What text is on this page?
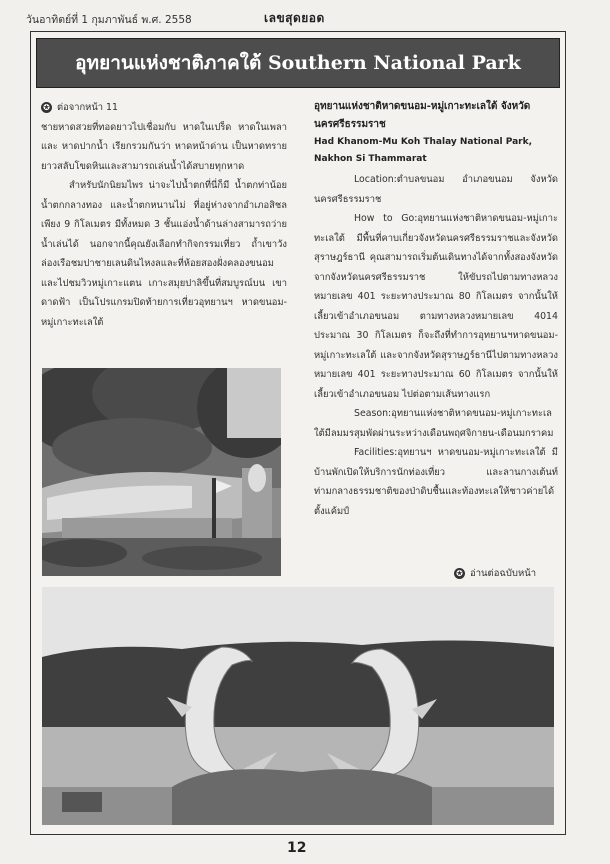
วันอาทิตย์ที่ 1 กุมภาพันธ์ พ.ศ. 2558	เลขสุดยอด
อุทยานแห่งชาติภาคใต้ Southern National Park
✪ ต่อจากหน้า 11

ชายหาดสวยที่ทอดยาวไปเชื่อมกับ หาดในเปร็ด หาดในเพลา และ หาดปากน้ำ เรียกรวมกันว่า หาดหน้าด่าน เป็นหาดทรายยาวสลับโขดหินและสามารถเล่นน้ำได้สบายทุกหาด

สำหรับนักนิยมไพร น่าจะไปน้ำตกที่นี่ก็มี น้ำตกท่าน้อย น้ำตกกลางทอง และน้ำตกหนานไม่ ที่อยู่ห่างจากอำเภอสิชลเพียง 9 กิโลเมตร มีทั้งหมด 3 ชั้นแอ่งน้ำด้านล่างสามารถว่ายน้ำเล่นได้ นอกจากนี้คุณยังเลือกทำกิจกรรมเที่ยว ถ้ำเขาวัง ล่องเรือชมปาชายเลนดินไหงลและที่ห้อยสองฝั่งคลองขนอม และไปชมวิวหมู่เกาะแตน เกาะสมุยปาลิขึ้นที่สมบูรณ์บน เขาดาดฟ้า เป็นโปรแกรมปิดท้ายการเที่ยวอุทยานฯ หาดขนอม-หมู่เกาะทะเลใต้

อุทยานแห่งชาติหาดขนอม-หมู่เกาะทะเลใต้ จังหวัดนครศรีธรรมราช
Had Khanom-Mu Koh Thalay National Park, Nakhon Si Thammarat

Location:ตำบลขนอม อำเภอขนอม จังหวัดนครศรีธรรมราช

How to Go:อุทยานแห่งชาติหาดขนอม-หมู่เกาะทะเลใต้ มีพื้นที่คาบเกี่ยวจังหวัดนครศรีธรรมราชและจังหวัดสุราษฎร์ธานี คุณสามารถเริ่มต้นเดินทางได้จากทั้งสองจังหวัด จากจังหวัดนครศรีธรรมราช ให้ขับรถไปตามทางหลวงหมายเลข 401 ระยะทางประมาณ 80 กิโลเมตร จากนั้นให้เลี้ยวเข้าอำเภอขนอม ตามทางหลวงหมายเลข 4014 ประมาณ 30 กิโลเมตร ก็จะถึงที่ทำการอุทยานฯหาดขนอม-หมู่เกาะทะเลใต้ และจากจังหวัดสุราษฎร์ธานีไปตามทางหลวงหมายเลข 401 ระยะทางประมาณ 60 กิโลเมตร จากนั้นให้เลี้ยวเข้าอำเภอขนอม ไปต่อตามเส้นทางแรก

Season:อุทยานแห่งชาติหาดขนอม-หมู่เกาะทะเลใต้มีลมมรสุมพัดผ่านระหว่างเดือนพฤศจิกายน-เดือนมกราคม

Facilities:อุทยานฯ หาดขนอม-หมู่เกาะทะเลใต้ มีบ้านพักเปิดให้บริการนักท่องเที่ยว และลานกางเต้นท์ท่ามกลางธรรมชาติของป่าดิบชื้นและท้องทะเลให้ชาวค่ายได้ตั้งแค้มป์

✪ อ่านต่อฉบับหน้า
12
